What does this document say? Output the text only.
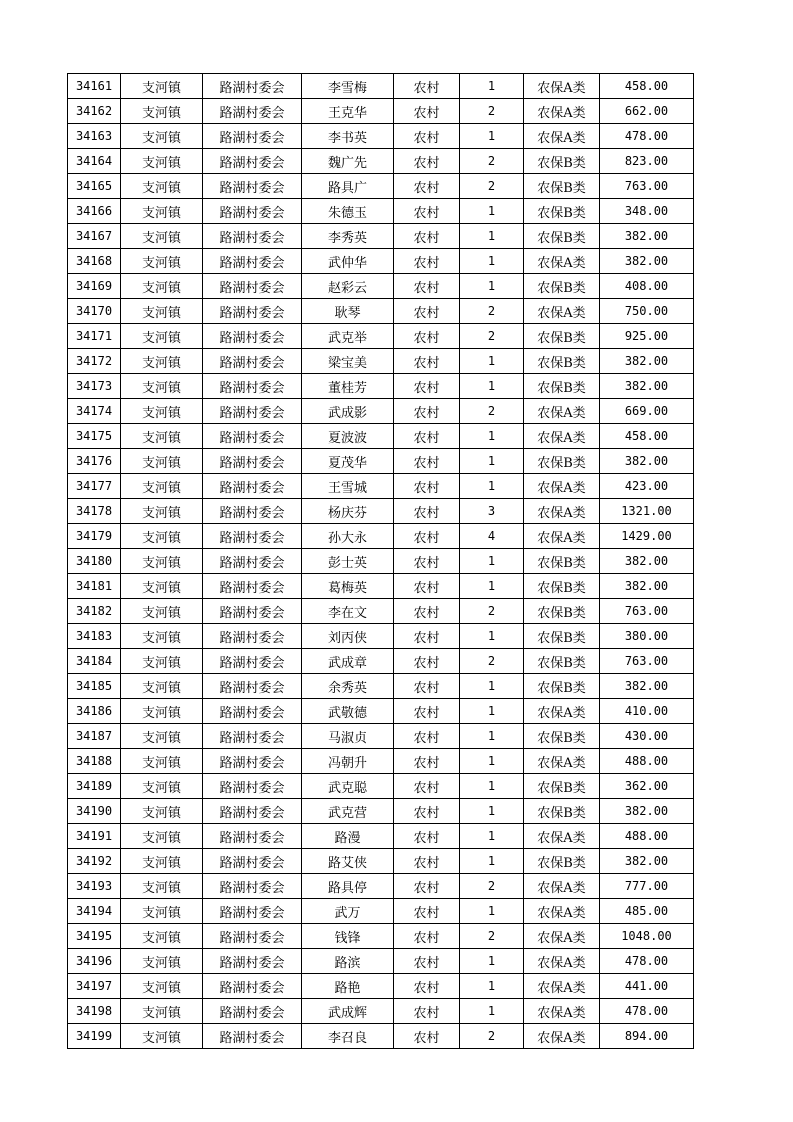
34161	支河镇	路湖村委会	李雪梅	农村	1	农保A类	458.00
34162	支河镇	路湖村委会	王克华	农村	2	农保A类	662.00
34163	支河镇	路湖村委会	李书英	农村	1	农保A类	478.00
34164	支河镇	路湖村委会	魏广先	农村	2	农保B类	823.00
34165	支河镇	路湖村委会	路具广	农村	2	农保B类	763.00
34166	支河镇	路湖村委会	朱德玉	农村	1	农保B类	348.00
34167	支河镇	路湖村委会	李秀英	农村	1	农保B类	382.00
34168	支河镇	路湖村委会	武仲华	农村	1	农保A类	382.00
34169	支河镇	路湖村委会	赵彩云	农村	1	农保B类	408.00
34170	支河镇	路湖村委会	耿琴	农村	2	农保A类	750.00
34171	支河镇	路湖村委会	武克举	农村	2	农保B类	925.00
34172	支河镇	路湖村委会	梁宝美	农村	1	农保B类	382.00
34173	支河镇	路湖村委会	董桂芳	农村	1	农保B类	382.00
34174	支河镇	路湖村委会	武成影	农村	2	农保A类	669.00
34175	支河镇	路湖村委会	夏波波	农村	1	农保A类	458.00
34176	支河镇	路湖村委会	夏茂华	农村	1	农保B类	382.00
34177	支河镇	路湖村委会	王雪城	农村	1	农保A类	423.00
34178	支河镇	路湖村委会	杨庆芬	农村	3	农保A类	1321.00
34179	支河镇	路湖村委会	孙大永	农村	4	农保A类	1429.00
34180	支河镇	路湖村委会	彭士英	农村	1	农保B类	382.00
34181	支河镇	路湖村委会	葛梅英	农村	1	农保B类	382.00
34182	支河镇	路湖村委会	李在文	农村	2	农保B类	763.00
34183	支河镇	路湖村委会	刘丙侠	农村	1	农保B类	380.00
34184	支河镇	路湖村委会	武成章	农村	2	农保B类	763.00
34185	支河镇	路湖村委会	余秀英	农村	1	农保B类	382.00
34186	支河镇	路湖村委会	武敬德	农村	1	农保A类	410.00
34187	支河镇	路湖村委会	马淑贞	农村	1	农保B类	430.00
34188	支河镇	路湖村委会	冯朝升	农村	1	农保A类	488.00
34189	支河镇	路湖村委会	武克聪	农村	1	农保B类	362.00
34190	支河镇	路湖村委会	武克营	农村	1	农保B类	382.00
34191	支河镇	路湖村委会	路漫	农村	1	农保A类	488.00
34192	支河镇	路湖村委会	路艾侠	农村	1	农保B类	382.00
34193	支河镇	路湖村委会	路具停	农村	2	农保A类	777.00
34194	支河镇	路湖村委会	武万	农村	1	农保A类	485.00
34195	支河镇	路湖村委会	钱锋	农村	2	农保A类	1048.00
34196	支河镇	路湖村委会	路滨	农村	1	农保A类	478.00
34197	支河镇	路湖村委会	路艳	农村	1	农保A类	441.00
34198	支河镇	路湖村委会	武成辉	农村	1	农保A类	478.00
34199	支河镇	路湖村委会	李召良	农村	2	农保A类	894.00
